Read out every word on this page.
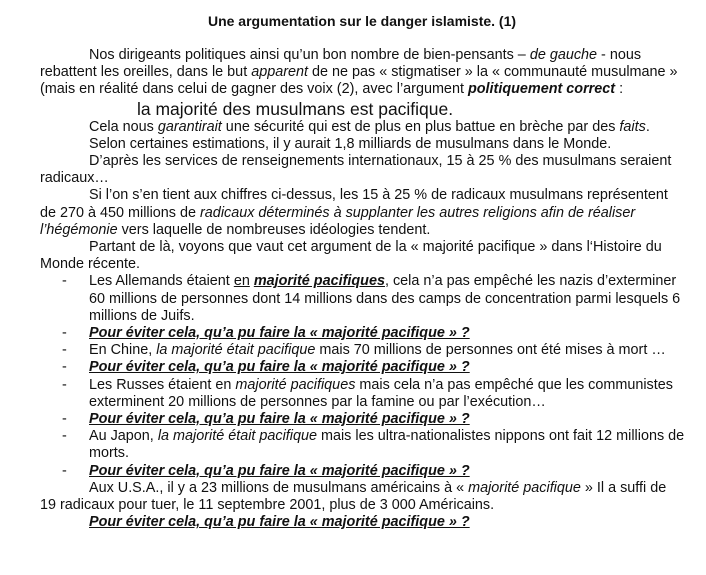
Une argumentation sur le danger islamiste. (1)

Nos dirigeants politiques ainsi qu’un bon nombre de bien-pensants – de gauche - nous rebattent les oreilles, dans le but apparent de ne pas « stigmatiser » la « communauté musulmane » (mais en réalité dans celui de gagner des voix (2), avec l’argument politiquement correct :

la majorité des musulmans est pacifique.

Cela nous garantirait une sécurité qui est de plus en plus battue en brèche par des faits.

Selon certaines estimations, il y aurait 1,8 milliards de musulmans dans le Monde.

D’après les services de renseignements internationaux, 15 à 25 % des musulmans seraient radicaux…

Si l’on s’en tient aux chiffres ci-dessus, les 15 à 25 % de radicaux musulmans représentent de 270 à 450 millions de radicaux déterminés à supplanter les autres religions afin de réaliser l’hégémonie vers laquelle de nombreuses idéologies tendent.

Partant de là, voyons que vaut cet argument de la « majorité pacifique » dans l‘Histoire du Monde récente.

- Les Allemands étaient en majorité pacifiques, cela n’a pas empêché les nazis d’exterminer 60 millions de personnes dont 14 millions dans des camps de concentration parmi lesquels 6 millions de Juifs.
- Pour éviter cela, qu’a pu faire la « majorité pacifique » ?
- En Chine, la majorité était pacifique mais 70 millions de personnes ont été mises à mort …
- Pour éviter cela, qu’a pu faire la « majorité pacifique » ?
- Les Russes étaient en majorité pacifiques mais cela n’a pas empêché que les communistes exterminent 20 millions de personnes par la famine ou par l’exécution…
- Pour éviter cela, qu’a pu faire la « majorité pacifique » ?
- Au Japon, la majorité était pacifique mais les ultra-nationalistes nippons ont fait 12 millions de morts.
- Pour éviter cela, qu’a pu faire la « majorité pacifique » ?

Aux U.S.A., il y a 23 millions de musulmans américains à « majorité pacifique » Il a suffi de 19 radicaux pour tuer, le 11 septembre 2001, plus de 3 000 Américains.

Pour éviter cela, qu’a pu faire la « majorité pacifique » ?
